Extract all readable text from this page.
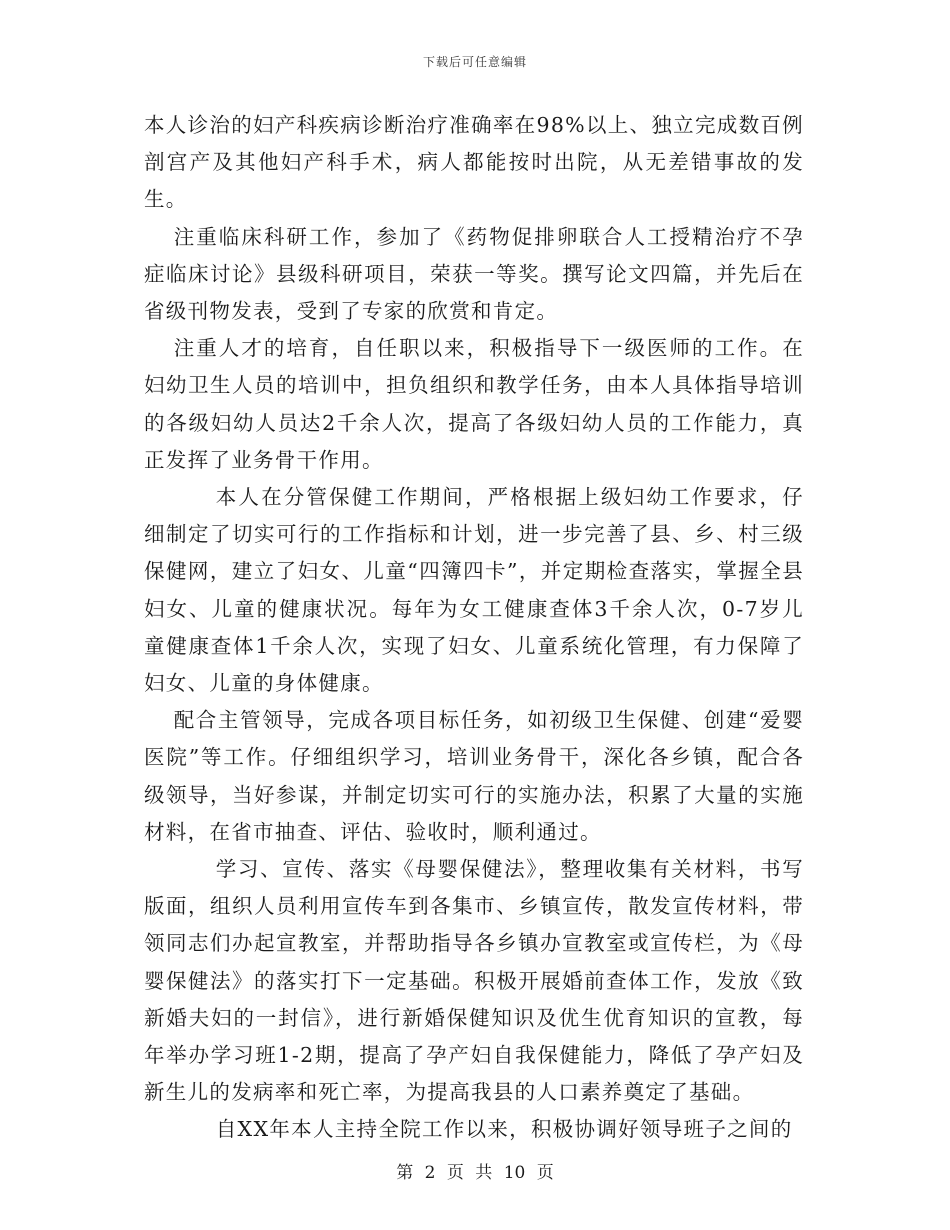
下载后可任意编辑

本人诊治的妇产科疾病诊断治疗准确率在98%以上、独立完成数百例剖宫产及其他妇产科手术，病人都能按时出院，从无差错事故的发生。

注重临床科研工作，参加了《药物促排卵联合人工授精治疗不孕症临床讨论》县级科研项目，荣获一等奖。撰写论文四篇，并先后在省级刊物发表，受到了专家的欣赏和肯定。

注重人才的培育，自任职以来，积极指导下一级医师的工作。在妇幼卫生人员的培训中，担负组织和教学任务，由本人具体指导培训的各级妇幼人员达2千余人次，提高了各级妇幼人员的工作能力，真正发挥了业务骨干作用。

本人在分管保健工作期间，严格根据上级妇幼工作要求，仔细制定了切实可行的工作指标和计划，进一步完善了县、乡、村三级保健网，建立了妇女、儿童“四簿四卡”，并定期检查落实，掌握全县妇女、儿童的健康状况。每年为女工健康查体3千余人次，0-7岁儿童健康查体1千余人次，实现了妇女、儿童系统化管理，有力保障了妇女、儿童的身体健康。

配合主管领导，完成各项目标任务，如初级卫生保健、创建“爱婴医院”等工作。仔细组织学习，培训业务骨干，深化各乡镇，配合各级领导，当好参谋，并制定切实可行的实施办法，积累了大量的实施材料，在省市抽查、评估、验收时，顺利通过。

学习、宣传、落实《母婴保健法》，整理收集有关材料，书写版面，组织人员利用宣传车到各集市、乡镇宣传，散发宣传材料，带领同志们办起宣教室，并帮助指导各乡镇办宣教室或宣传栏，为《母婴保健法》的落实打下一定基础。积极开展婚前查体工作，发放《致新婚夫妇的一封信》，进行新婚保健知识及优生优育知识的宣教，每年举办学习班1-2期，提高了孕产妇自我保健能力，降低了孕产妇及新生儿的发病率和死亡率，为提高我县的人口素养奠定了基础。

自XX年本人主持全院工作以来，积极协调好领导班子之间的

第 2 页 共 10 页
